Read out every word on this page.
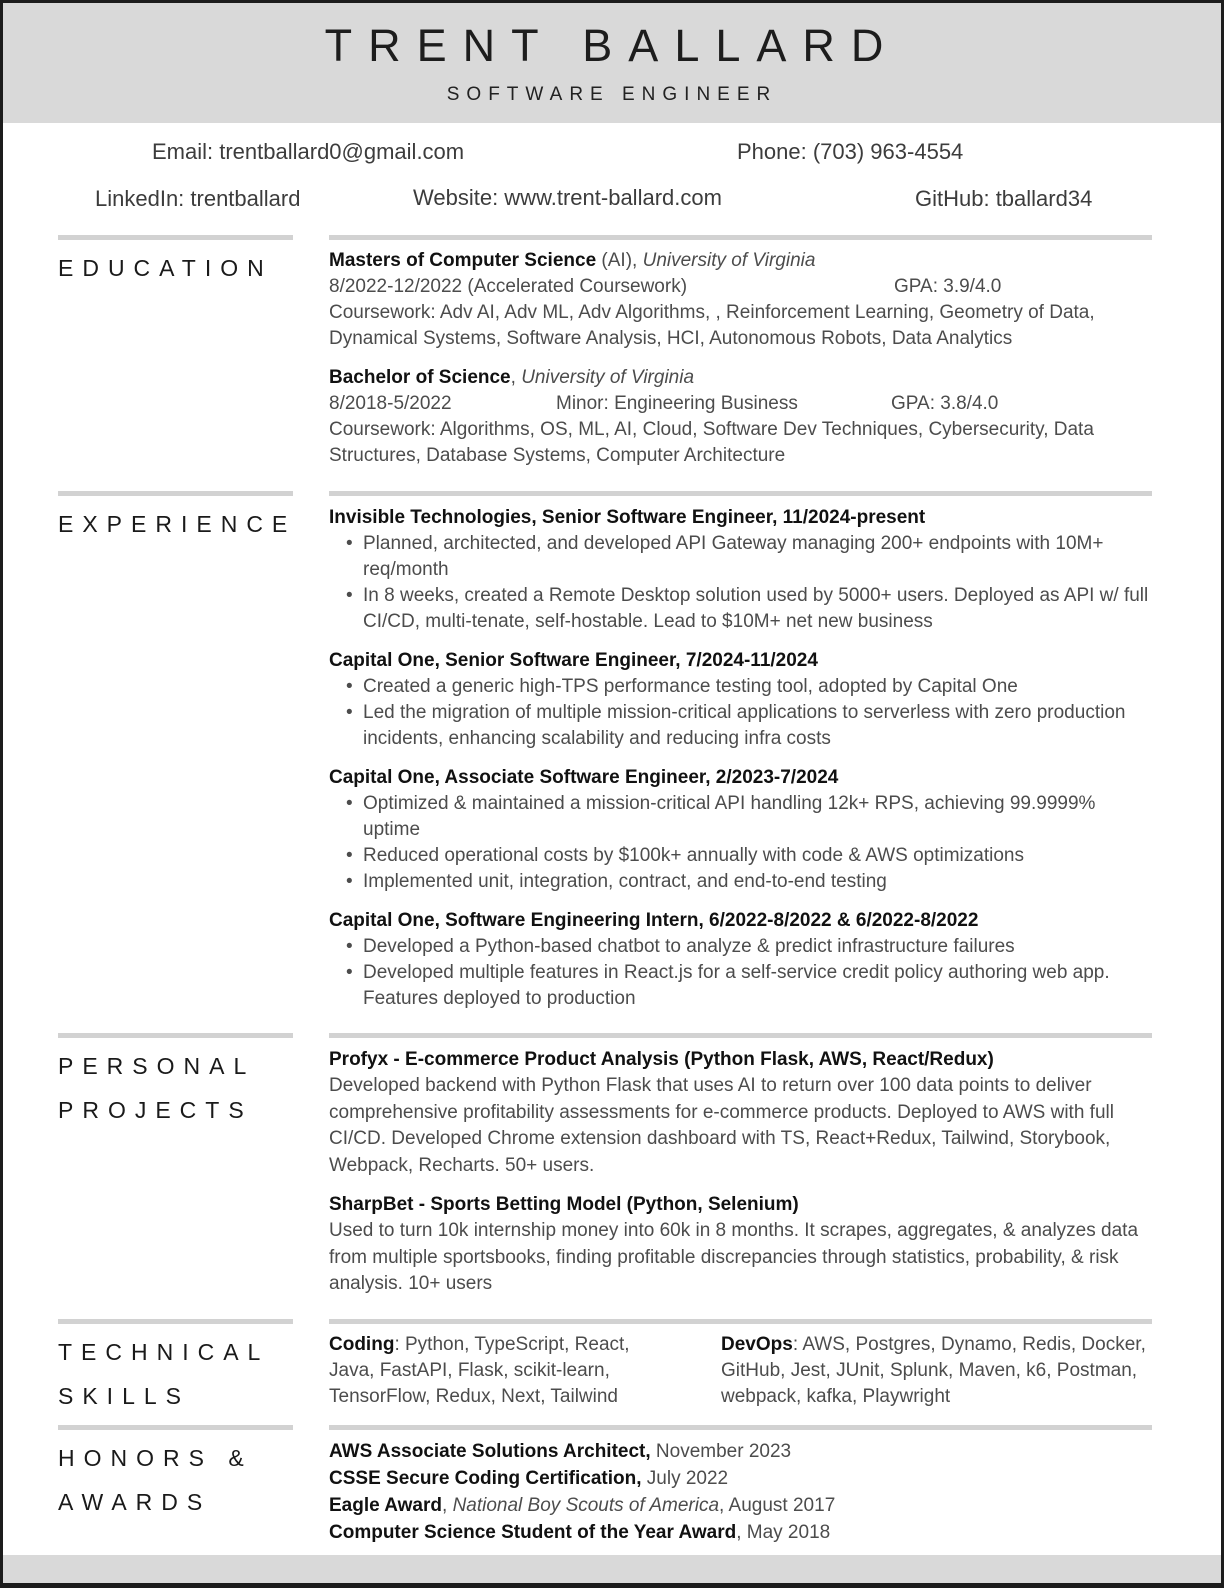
TRENT BALLARD
SOFTWARE ENGINEER
Email: trentballard0@gmail.com	Phone: (703) 963-4554
LinkedIn: trentballard	Website: www.trent-ballard.com	GitHub: tballard34
EDUCATION	Masters of Computer Science (AI), University of Virginia
8/2022-12/2022 (Accelerated Coursework)	GPA: 3.9/4.0
Coursework: Adv AI, Adv ML, Adv Algorithms, , Reinforcement Learning, Geometry of Data, Dynamical Systems, Software Analysis, HCI, Autonomous Robots, Data Analytics
Bachelor of Science, University of Virginia
8/2018-5/2022	Minor: Engineering Business	GPA: 3.8/4.0
Coursework: Algorithms, OS, ML, AI, Cloud, Software Dev Techniques, Cybersecurity, Data Structures, Database Systems, Computer Architecture
EXPERIENCE Invisible Technologies, Senior Software Engineer, 11/2024-present
• Planned, architected, and developed API Gateway managing 200+ endpoints with 10M+ req/month
• In 8 weeks, created a Remote Desktop solution used by 5000+ users. Deployed as API w/ full CI/CD, multi-tenate, self-hostable. Lead to $10M+ net new business
Capital One, Senior Software Engineer, 7/2024-11/2024
• Created a generic high-TPS performance testing tool, adopted by Capital One
• Led the migration of multiple mission-critical applications to serverless with zero production incidents, enhancing scalability and reducing infra costs
Capital One, Associate Software Engineer, 2/2023-7/2024
• Optimized & maintained a mission-critical API handling 12k+ RPS, achieving 99.9999% uptime
• Reduced operational costs by $100k+ annually with code & AWS optimizations
• Implemented unit, integration, contract, and end-to-end testing
Capital One, Software Engineering Intern, 6/2022-8/2022 & 6/2022-8/2022
• Developed a Python-based chatbot to analyze & predict infrastructure failures
• Developed multiple features in React.js for a self-service credit policy authoring web app. Features deployed to production
PERSONAL
PROJECTS
Profyx - E-commerce Product Analysis (Python Flask, AWS, React/Redux)
Developed backend with Python Flask that uses AI to return over 100 data points to deliver comprehensive profitability assessments for e-commerce products. Deployed to AWS with full CI/CD. Developed Chrome extension dashboard with TS, React+Redux, Tailwind, Storybook, Webpack, Recharts. 50+ users.
SharpBet - Sports Betting Model (Python, Selenium)
Used to turn 10k internship money into 60k in 8 months. It scrapes, aggregates, & analyzes data from multiple sportsbooks, finding profitable discrepancies through statistics, probability, & risk analysis. 10+ users
TECHNICAL
SKILLS
Coding: Python, TypeScript, React, Java, FastAPI, Flask, scikit-learn, TensorFlow, Redux, Next, Tailwind
DevOps: AWS, Postgres, Dynamo, Redis, Docker, GitHub, Jest, JUnit, Splunk, Maven, k6, Postman, webpack, kafka, Playwright
HONORS &
AWARDS
AWS Associate Solutions Architect, November 2023
CSSE Secure Coding Certification, July 2022
Eagle Award, National Boy Scouts of America, August 2017
Computer Science Student of the Year Award, May 2018
